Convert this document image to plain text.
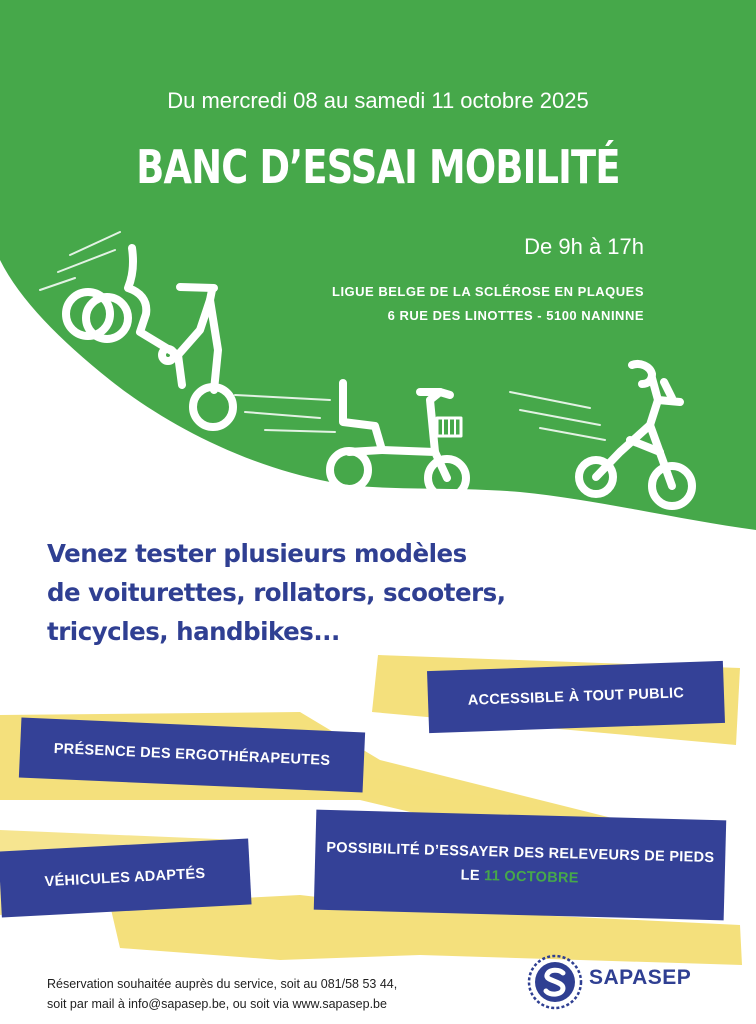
Du mercredi 08 au samedi 11 octobre 2025
BANC D’ESSAI MOBILITÉ
De 9h à 17h
LIGUE BELGE DE LA SCLÉROSE EN PLAQUES
6 RUE DES LINOTTES - 5100 NANINNE
Venez tester plusieurs modèles
de voiturettes, rollators, scooters,
tricycles, handbikes...
ACCESSIBLE À TOUT PUBLIC
PRÉSENCE DES ERGOTHÉRAPEUTES
VÉHICULES ADAPTÉS
POSSIBILITÉ D’ESSAYER DES RELEVEURS DE PIEDS
LE 11 OCTOBRE
Réservation souhaitée auprès du service, soit au 081/58 53 44,
soit par mail à info@sapasep.be, ou soit via www.sapasep.be
SAPASEP
